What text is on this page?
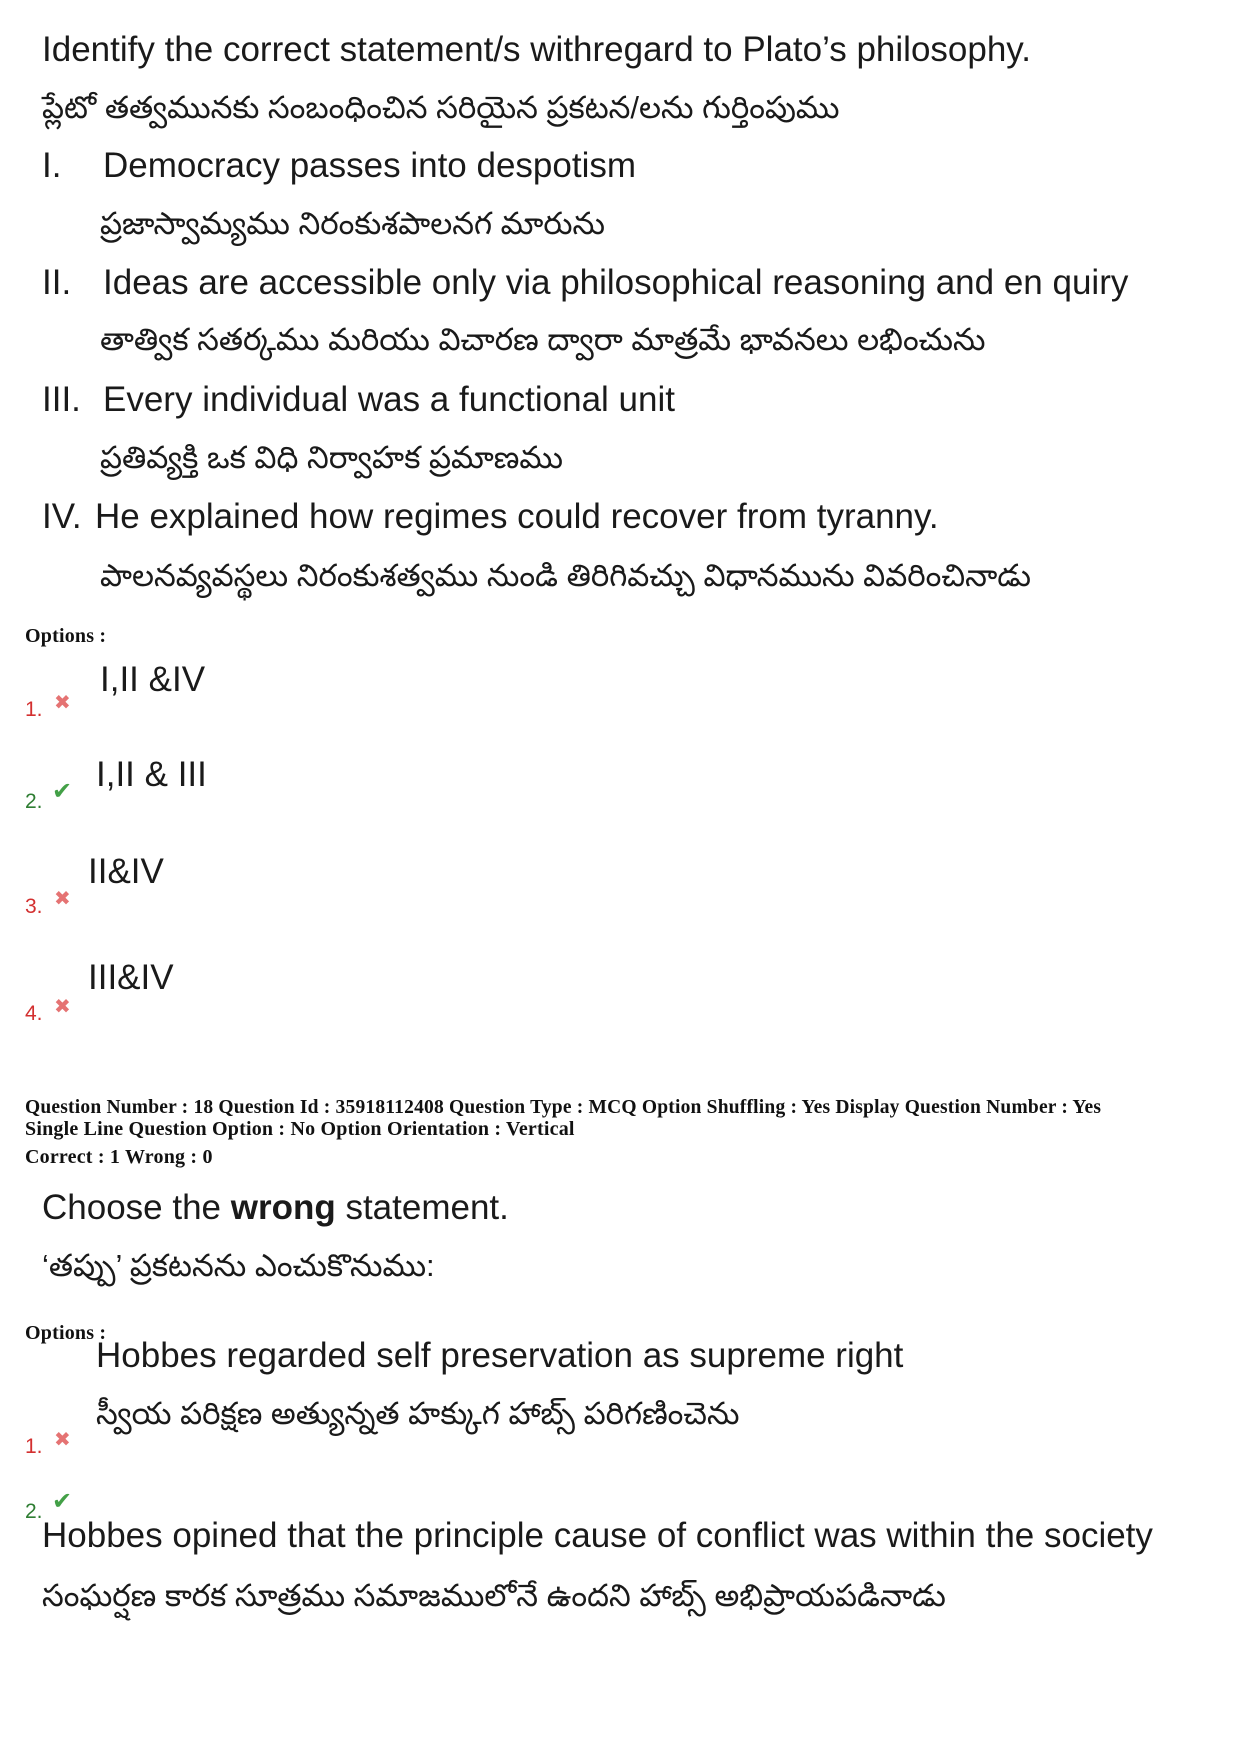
Identify the correct statement/s withregard to Plato’s philosophy.
ప్లేటో తత్వమునకు సంబంధించిన సరియైన ప్రకటన/లను గుర్తింపుము
I. Democracy passes into despotism
ప్రజాస్వామ్యము నిరంకుశపాలనగ మారును
II. Ideas are accessible only via philosophical reasoning and en quiry
తాత్విక సతర్కము మరియు విచారణ ద్వారా మాత్రమే భావనలు లభించును
III. Every individual was a functional unit
ప్రతివ్యక్తి ఒక విధి నిర్వాహక ప్రమాణము
IV. He explained how regimes could recover from tyranny.
పాలనవ్యవస్థలు నిరంకుశత్వము నుండి తిరిగివచ్చు విధానమును వివరించినాడు
Options :
1. ✖
I,II &IV
2. ✔ I,II & III
3. ✖
II&IV
4. ✖
III&IV
Question Number : 18 Question Id : 35918112408 Question Type : MCQ Option Shuffling : Yes Display Question Number : Yes
Single Line Question Option : No Option Orientation : Vertical
Correct : 1 Wrong : 0
Choose the wrong statement.
‘తప్పు’ ప్రకటనను ఎంచుకొనుము:
Options :
Hobbes regarded self preservation as supreme right
స్వీయ పరిక్షణ అత్యున్నత హక్కుగ హాబ్స్ పరిగణించెను
1. ✖
2. ✔
Hobbes opined that the principle cause of conflict was within the society
సంఘర్షణ కారక సూత్రము సమాజములోనే ఉందని హాబ్స్ అభిప్రాయపడినాడు
